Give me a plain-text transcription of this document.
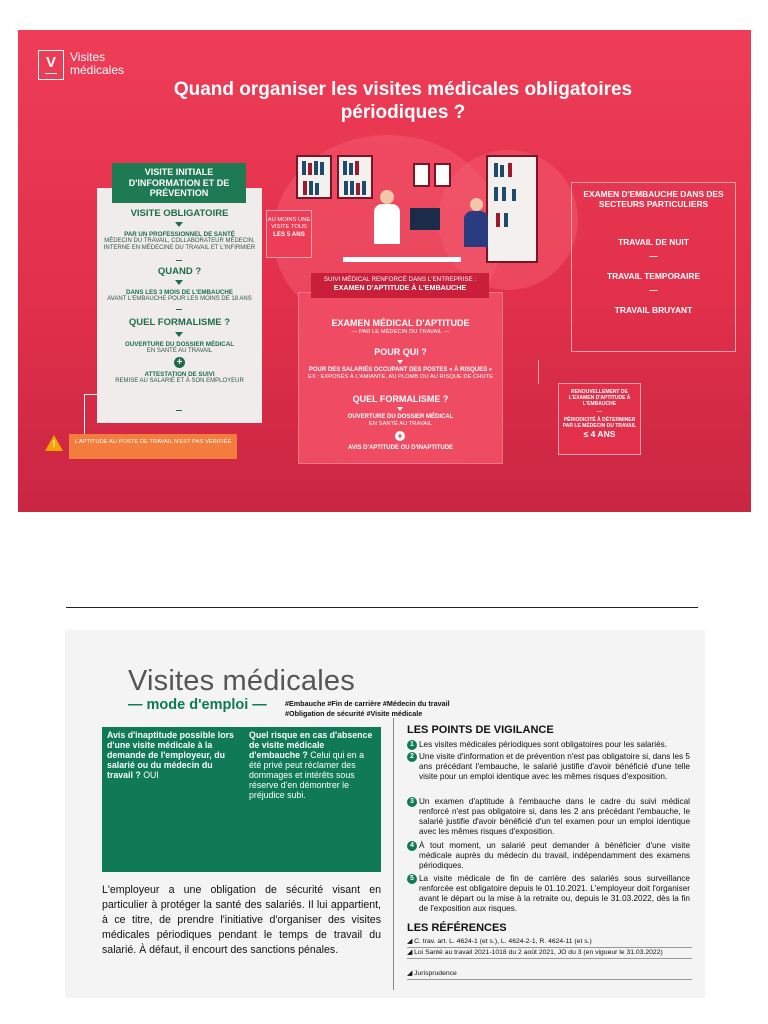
V	Visites médicales
Quand organiser les visites médicales obligatoires périodiques ?
VISITE INITIALE D'INFORMATION ET DE PRÉVENTION
VISITE OBLIGATOIRE
PAR UN PROFESSIONNEL DE SANTÉ
MÉDECIN DU TRAVAIL, COLLABORATEUR MÉDECIN, INTERNE EN MÉDECINE DU TRAVAIL ET L'INFIRMIER
QUAND ?
DANS LES 3 MOIS DE L'EMBAUCHE
AVANT L'EMBAUCHE POUR LES MOINS DE 18 ANS
QUEL FORMALISME ?
OUVERTURE DU DOSSIER MÉDICAL
EN SANTÉ AU TRAVAIL
+
ATTESTATION DE SUIVI
REMISE AU SALARIÉ ET À SON EMPLOYEUR
!	L'APTITUDE AU POSTE DE TRAVAIL N'EST PAS VÉRIFIÉE
AU MOINS UNE VISITE TOUS
LES 5 ANS
SUIVI MÉDICAL RENFORCÉ DANS L'ENTREPRISE :
EXAMEN D'APTITUDE À L'EMBAUCHE
EXAMEN MÉDICAL D'APTITUDE
— PAR LE MÉDECIN DU TRAVAIL —
POUR QUI ?
POUR DES SALARIÉS OCCUPANT DES POSTES « À RISQUES »
EX : EXPOSÉS À L'AMIANTE, AU PLOMB OU AU RISQUE DE CHUTE
QUEL FORMALISME ?
OUVERTURE DU DOSSIER MÉDICAL
EN SANTÉ AU TRAVAIL
+
AVIS D'APTITUDE OU D'INAPTITUDE
EXAMEN D'EMBAUCHE DANS DES SECTEURS PARTICULIERS
TRAVAIL DE NUIT
—
TRAVAIL TEMPORAIRE
—
TRAVAIL BRUYANT
RENOUVELLEMENT DE L'EXAMEN D'APTITUDE À L'EMBAUCHE
—
PÉRIODICITÉ À DÉTERMINER PAR LE MÉDECIN DU TRAVAIL
≤ 4 ANS
Visites médicales
— mode d'emploi —	#Embauche #Fin de carrière #Médecin du travail
#Obligation de sécurité #Visite médicale
Avis d'inaptitude possible lors d'une visite médicale à la demande de l'employeur, du salarié ou du médecin du travail ? OUI
Quel risque en cas d'absence de visite médicale d'embauche ? Celui qui en a été privé peut réclamer des dommages et intérêts sous réserve d'en démontrer le préjudice subi.
L'employeur a une obligation de sécurité visant en particulier à protéger la santé des salariés. Il lui appartient, à ce titre, de prendre l'initiative d'organiser des visites médicales périodiques pendant le temps de travail du salarié. À défaut, il encourt des sanctions pénales.
LES POINTS DE VIGILANCE
1 Les visites médicales périodiques sont obligatoires pour les salariés.
2 Une visite d'information et de prévention n'est pas obligatoire si, dans les 5 ans précédant l'embauche, le salarié justifie d'avoir bénéficié d'une telle visite pour un emploi identique avec les mêmes risques d'exposition.
3 Un examen d'aptitude à l'embauche dans le cadre du suivi médical renforcé n'est pas obligatoire si, dans les 2 ans précédant l'embauche, le salarié justifie d'avoir bénéficié d'un tel examen pour un emploi identique avec les mêmes risques d'exposition.
4 À tout moment, un salarié peut demander à bénéficier d'une visite médicale auprès du médecin du travail, indépendamment des examens périodiques.
5 La visite médicale de fin de carrière des salariés sous surveillance renforcée est obligatoire depuis le 01.10.2021. L'employeur doit l'organiser avant le départ ou la mise à la retraite ou, depuis le 31.03.2022, dès la fin de l'exposition aux risques.
LES RÉFÉRENCES
◢ C. trav. art. L. 4624-1 (et s.), L. 4624-2-1, R. 4624-11 (et s.)
◢ Loi Santé au travail 2021-1018 du 2 août 2021, JO du 3 (en vigueur le 31.03.2022)
◢ Jurisprudence
